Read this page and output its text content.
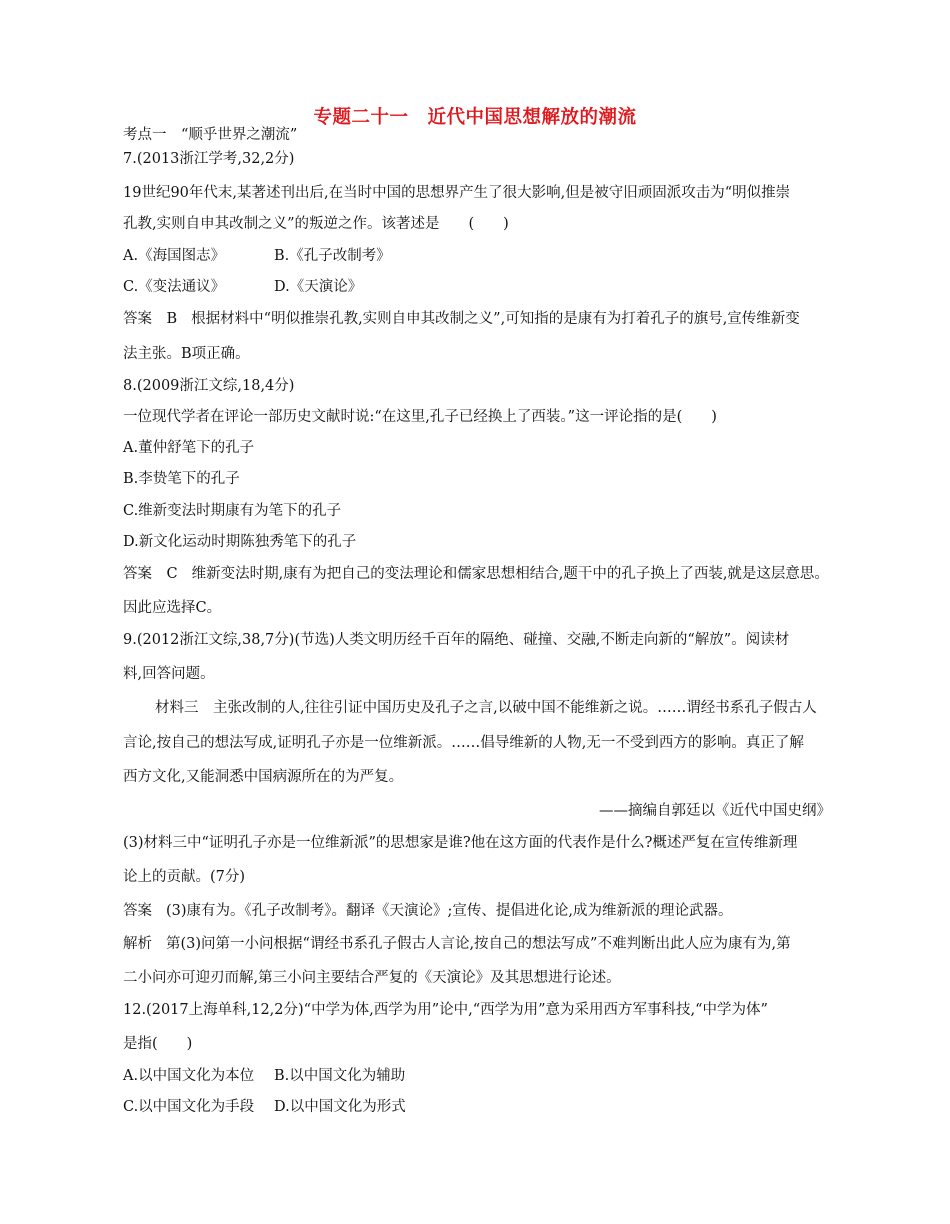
专题二十一　近代中国思想解放的潮流
考点一　“顺乎世界之潮流”
7.(2013浙江学考,32,2分)
19世纪90年代末,某著述刊出后,在当时中国的思想界产生了很大影响,但是被守旧顽固派攻击为“明似推崇
孔教,实则自申其改制之义”的叛逆之作。该著述是　　(　　)
A.《海国图志》	B.《孔子改制考》
C.《变法通议》	D.《天演论》
答案　B 根据材料中“明似推崇孔教,实则自申其改制之义”,可知指的是康有为打着孔子的旗号,宣传维新变
法主张。B项正确。
8.(2009浙江文综,18,4分)
一位现代学者在评论一部历史文献时说:“在这里,孔子已经换上了西装。”这一评论指的是(　　)
A.董仲舒笔下的孔子
B.李贽笔下的孔子
C.维新变法时期康有为笔下的孔子
D.新文化运动时期陈独秀笔下的孔子
答案　C 维新变法时期,康有为把自己的变法理论和儒家思想相结合,题干中的孔子换上了西装,就是这层意思。
因此应选择C。
9.(2012浙江文综,38,7分)(节选)人类文明历经千百年的隔绝、碰撞、交融,不断走向新的“解放”。阅读材
料,回答问题。
材料三　主张改制的人,往往引证中国历史及孔子之言,以破中国不能维新之说。……谓经书系孔子假古人
言论,按自己的想法写成,证明孔子亦是一位维新派。……倡导维新的人物,无一不受到西方的影响。真正了解
西方文化,又能洞悉中国病源所在的为严复。
——摘编自郭廷以《近代中国史纲》
(3)材料三中“证明孔子亦是一位维新派”的思想家是谁?他在这方面的代表作是什么?概述严复在宣传维新理
论上的贡献。(7分)
答案 (3)康有为。《孔子改制考》。翻译《天演论》;宣传、提倡进化论,成为维新派的理论武器。
解析 第(3)问第一小问根据“谓经书系孔子假古人言论,按自己的想法写成”不难判断出此人应为康有为,第
二小问亦可迎刃而解,第三小问主要结合严复的《天演论》及其思想进行论述。
12.(2017上海单科,12,2分)“中学为体,西学为用”论中,“西学为用”意为采用西方军事科技,“中学为体”
是指(　　)
A.以中国文化为本位 B.以中国文化为辅助
C.以中国文化为手段 D.以中国文化为形式
